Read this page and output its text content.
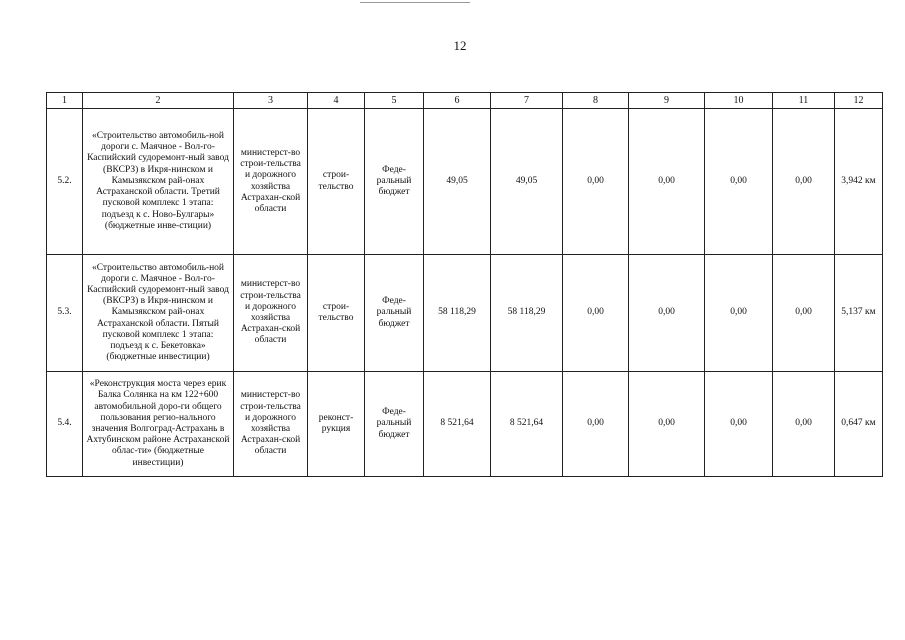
12
1	2	3	4	5	6	7	8	9	10	11	12
5.2.	«Строительство автомобиль-ной дороги с. Маячное - Вол-го-Каспийский судоремонт-ный завод (ВКСРЗ) в Икря-нинском и Камызякском рай-онах Астраханской области. Третий пусковой комплекс 1 этапа: подъезд к с. Ново-Булгары» (бюджетные инве-стиции)	министерст-во строи-тельства и дорожного хозяйства Астрахан-ской области	строи-тельство	Феде-ральный бюджет	49,05	49,05	0,00	0,00	0,00	0,00	3,942 км
5.3.	«Строительство автомобиль-ной дороги с. Маячное - Вол-го-Каспийский судоремонт-ный завод (ВКСРЗ) в Икря-нинском и Камызякском рай-онах Астраханской области. Пятый пусковой комплекс 1 этапа: подъезд к с. Бекетовка» (бюджетные инвестиции)	министерст-во строи-тельства и дорожного хозяйства Астрахан-ской области	строи-тельство	Феде-ральный бюджет	58 118,29	58 118,29	0,00	0,00	0,00	0,00	5,137 км
5.4.	«Реконструкция моста через ерик Балка Солянка на км 122+600 автомобильной доро-ги общего пользования регио-нального значения Волгоград-Астрахань в Ахтубинском районе Астраханской облас-ти» (бюджетные инвестиции)	министерст-во строи-тельства и дорожного хозяйства Астрахан-ской области	реконст-рукция	Феде-ральный бюджет	8 521,64	8 521,64	0,00	0,00	0,00	0,00	0,647 км
